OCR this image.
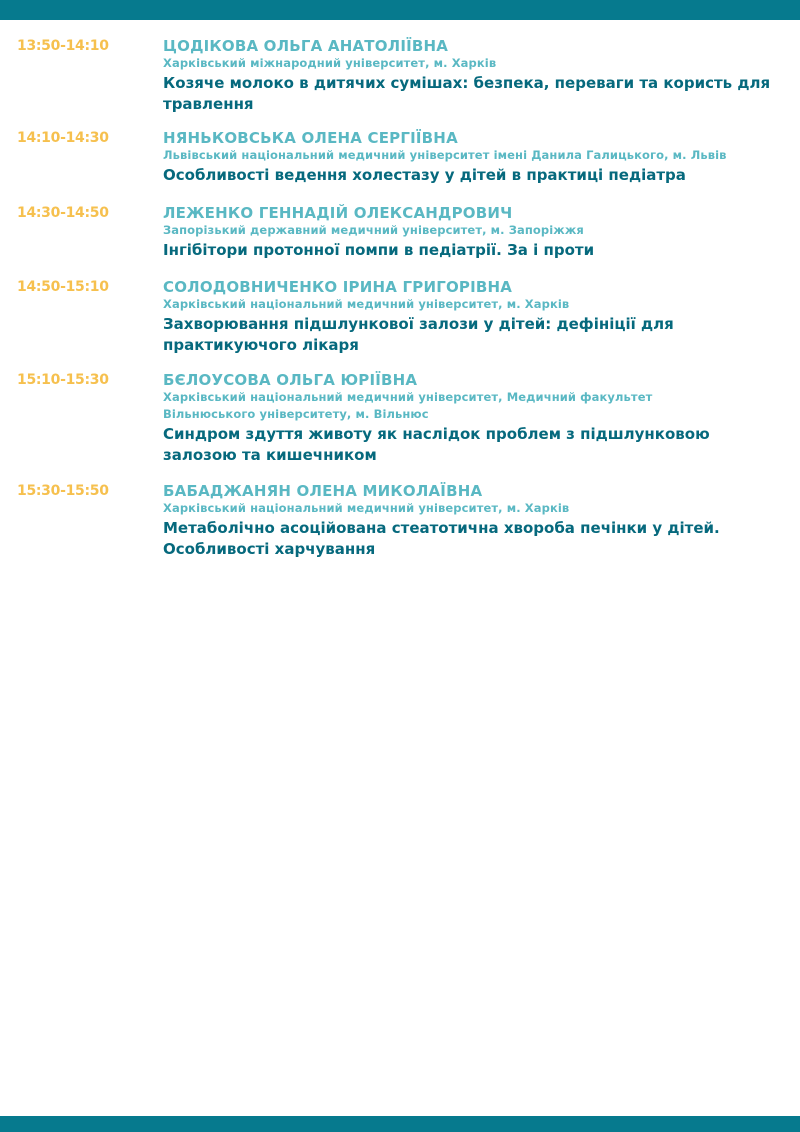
13:50-14:10	ЦОДІКОВА ОЛЬГА АНАТОЛІЇВНА
Харківський міжнародний університет, м. Харків
Козяче молоко в дитячих сумішах: безпека, переваги та користь для травлення
14:10-14:30	НЯНЬКОВСЬКА ОЛЕНА СЕРГІЇВНА
Львівський національний медичний університет імені Данила Галицького, м. Львів
Особливості ведення холестазу у дітей в практиці педіатра
14:30-14:50	ЛЕЖЕНКО ГЕННАДІЙ ОЛЕКСАНДРОВИЧ
Запорізький державний медичний університет, м. Запоріжжя
Інгібітори протонної помпи в педіатрії. За і проти
14:50-15:10	СОЛОДОВНИЧЕНКО ІРИНА ГРИГОРІВНА
Харківський національний медичний університет, м. Харків
Захворювання підшлункової залози у дітей: дефініції для практикуючого лікаря
15:10-15:30	БЄЛОУСОВА ОЛЬГА ЮРІЇВНА
Харківський національний медичний університет, Медичний факультет Вільнюського університету, м. Вільнюс
Синдром здуття животу як наслідок проблем з підшлунковою залозою та кишечником
15:30-15:50	БАБАДЖАНЯН ОЛЕНА МИКОЛАЇВНА
Харківський національний медичний університет, м. Харків
Метаболічно асоційована стеатотична хвороба печінки у дітей. Особливості харчування
